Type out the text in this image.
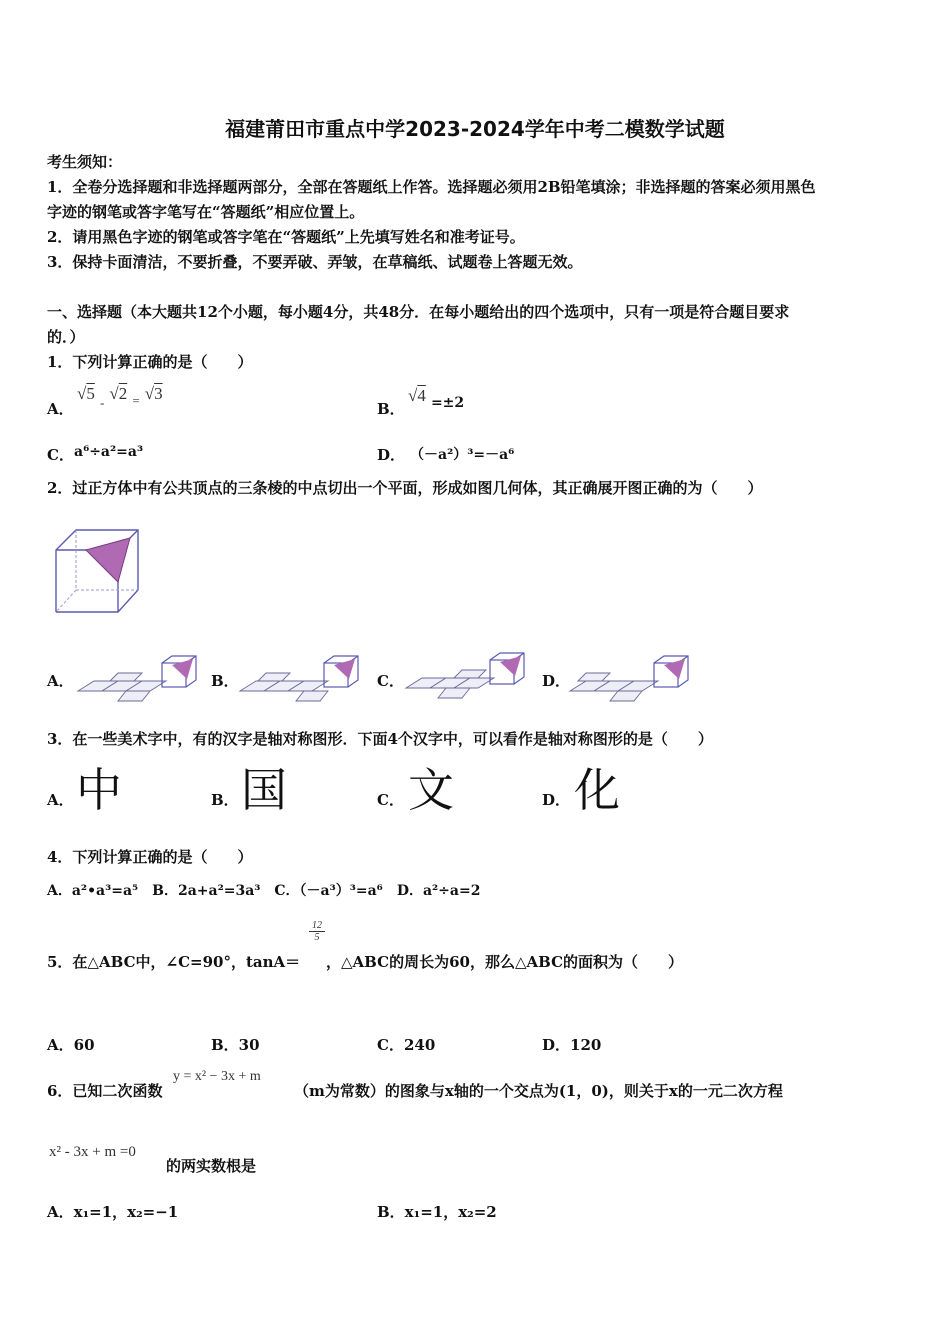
福建莆田市重点中学2023-2024学年中考二模数学试题
考生须知：
1．全卷分选择题和非选择题两部分，全部在答题纸上作答。选择题必须用2B铅笔填涂；非选择题的答案必须用黑色
字迹的钢笔或答字笔写在“答题纸”相应位置上。
2．请用黑色字迹的钢笔或答字笔在“答题纸”上先填写姓名和准考证号。
3．保持卡面清洁，不要折叠，不要弄破、弄皱，在草稿纸、试题卷上答题无效。
一、选择题（本大题共12个小题，每小题4分，共48分．在每小题给出的四个选项中，只有一项是符合题目要求
的．）
1．下列计算正确的是（　　）
A．
√5 $_-$ √2 $_=$ √3
B．
√4 =±2
C． a⁶÷a²=a³	D． （－a²）³=－a⁶
2．过正方体中有公共顶点的三条棱的中点切出一个平面，形成如图几何体，其正确展开图正确的为（　　）
A．	B．	C．	D．
3．在一些美术字中，有的汉字是轴对称图形．下面4个汉字中，可以看作是轴对称图形的是（　　）
A． 中	B． 国	C． 文	D． 化
4．下列计算正确的是（　　）
A．a²•a³=a⁵　B．2a+a²=3a³　C．（－a³）³=a⁶　D．a²÷a=2
5．在△ABC中，∠C=90°，tanA＝
$\frac{12}{5}$
，△ABC的周长为60，那么△ABC的面积为（　　）
A．60	B．30	C．240	D．120
6．已知二次函数
y = x² − 3x + m
（m为常数）的图象与x轴的一个交点为(1，0)，则关于x的一元二次方程
x² - 3x + m =0
的两实数根是
A．x₁=1，x₂=−1	B．x₁=1，x₂=2
